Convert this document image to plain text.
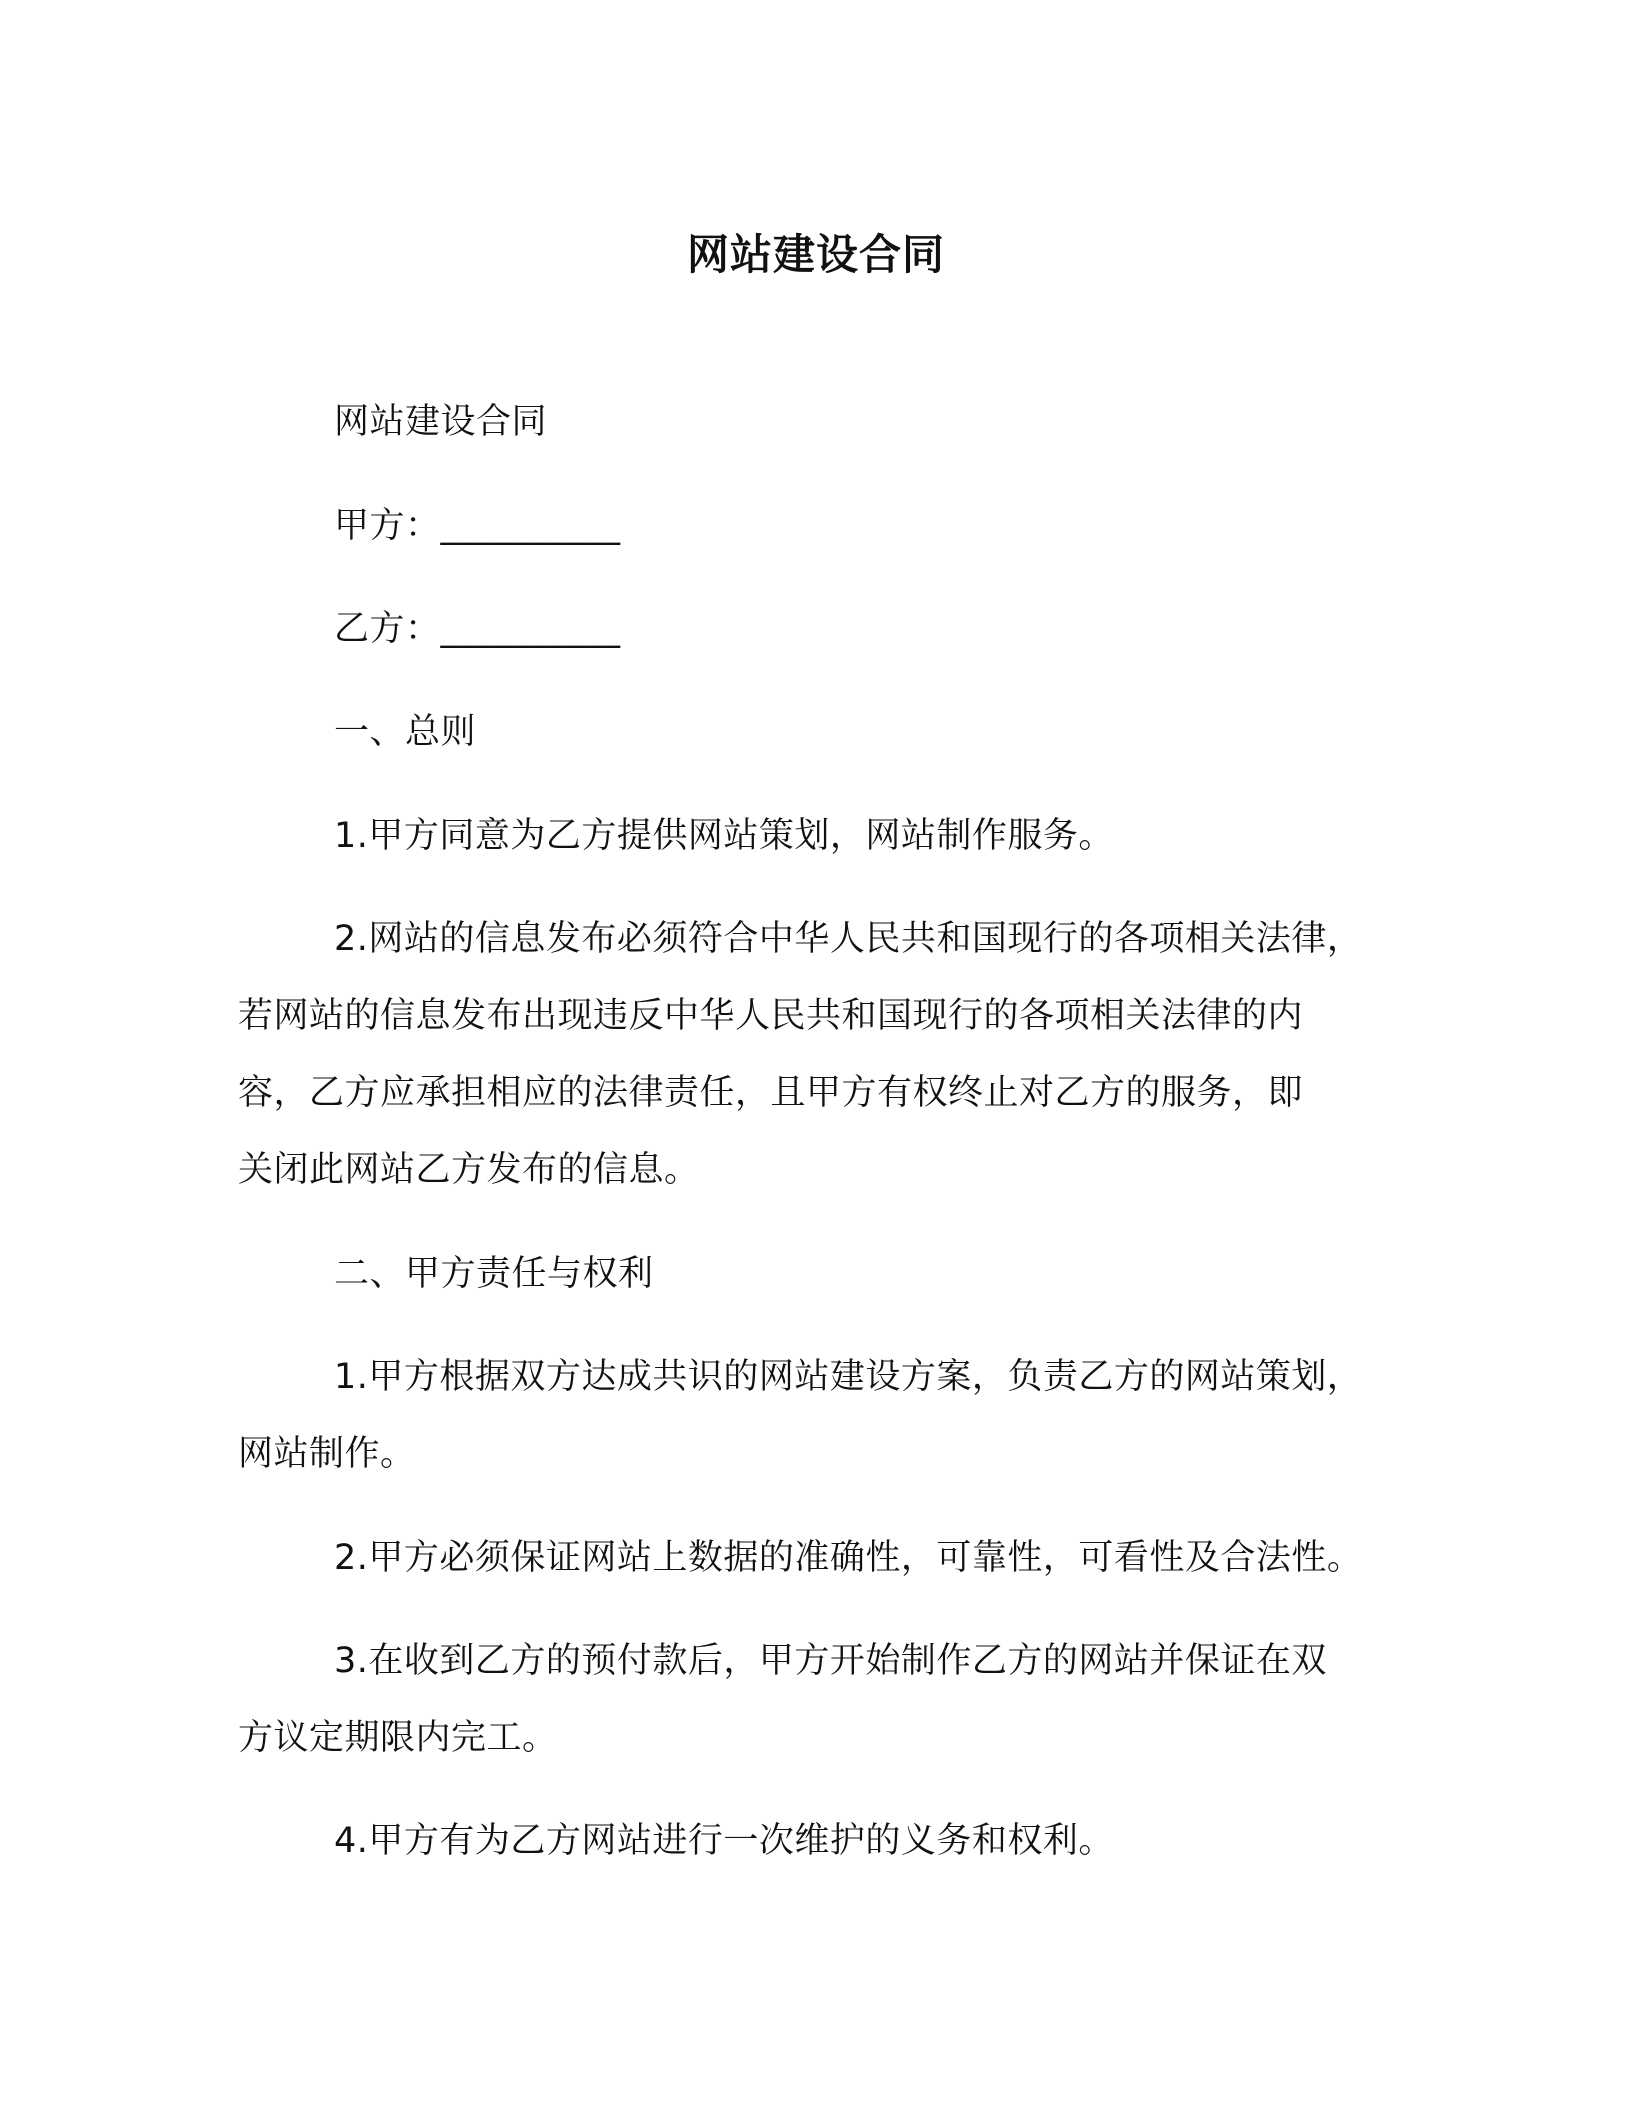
网站建设合同
网站建设合同
甲方：__________
乙方：__________
一、总则
1.甲方同意为乙方提供网站策划，网站制作服务。
2.网站的信息发布必须符合中华人民共和国现行的各项相关法律，
若网站的信息发布出现违反中华人民共和国现行的各项相关法律的内
容，乙方应承担相应的法律责任，且甲方有权终止对乙方的服务，即
关闭此网站乙方发布的信息。
二、甲方责任与权利
1.甲方根据双方达成共识的网站建设方案，负责乙方的网站策划，
网站制作。
2.甲方必须保证网站上数据的准确性，可靠性，可看性及合法性。
3.在收到乙方的预付款后，甲方开始制作乙方的网站并保证在双
方议定期限内完工。
4.甲方有为乙方网站进行一次维护的义务和权利。
